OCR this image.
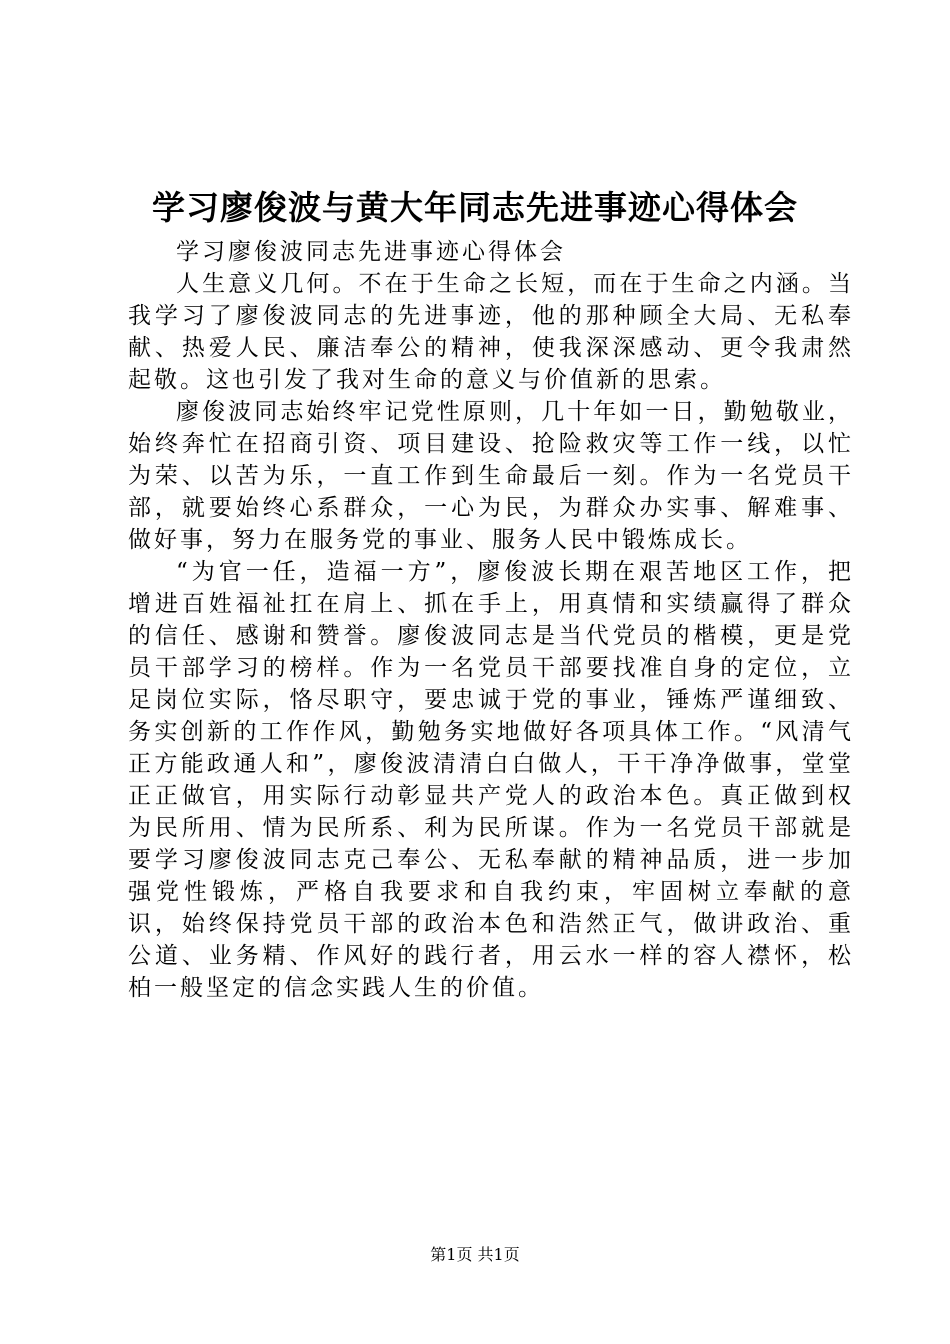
学习廖俊波与黄大年同志先进事迹心得体会

学习廖俊波同志先进事迹心得体会

人生意义几何。不在于生命之长短，而在于生命之内涵。当我学习了廖俊波同志的先进事迹，他的那种顾全大局、无私奉献、热爱人民、廉洁奉公的精神，使我深深感动、更令我肃然起敬。这也引发了我对生命的意义与价值新的思索。

廖俊波同志始终牢记党性原则，几十年如一日，勤勉敬业，始终奔忙在招商引资、项目建设、抢险救灾等工作一线，以忙为荣、以苦为乐，一直工作到生命最后一刻。作为一名党员干部，就要始终心系群众，一心为民，为群众办实事、解难事、做好事，努力在服务党的事业、服务人民中锻炼成长。

“为官一任，造福一方”，廖俊波长期在艰苦地区工作，把增进百姓福祉扛在肩上、抓在手上，用真情和实绩赢得了群众的信任、感谢和赞誉。廖俊波同志是当代党员的楷模，更是党员干部学习的榜样。作为一名党员干部要找准自身的定位，立足岗位实际，恪尽职守，要忠诚于党的事业，锤炼严谨细致、务实创新的工作作风，勤勉务实地做好各项具体工作。“风清气正方能政通人和”，廖俊波清清白白做人，干干净净做事，堂堂正正做官，用实际行动彰显共产党人的政治本色。真正做到权为民所用、情为民所系、利为民所谋。作为一名党员干部就是要学习廖俊波同志克己奉公、无私奉献的精神品质，进一步加强党性锻炼，严格自我要求和自我约束，牢固树立奉献的意识，始终保持党员干部的政治本色和浩然正气，做讲政治、重公道、业务精、作风好的践行者，用云水一样的容人襟怀，松柏一般坚定的信念实践人生的价值。

第1页 共1页
